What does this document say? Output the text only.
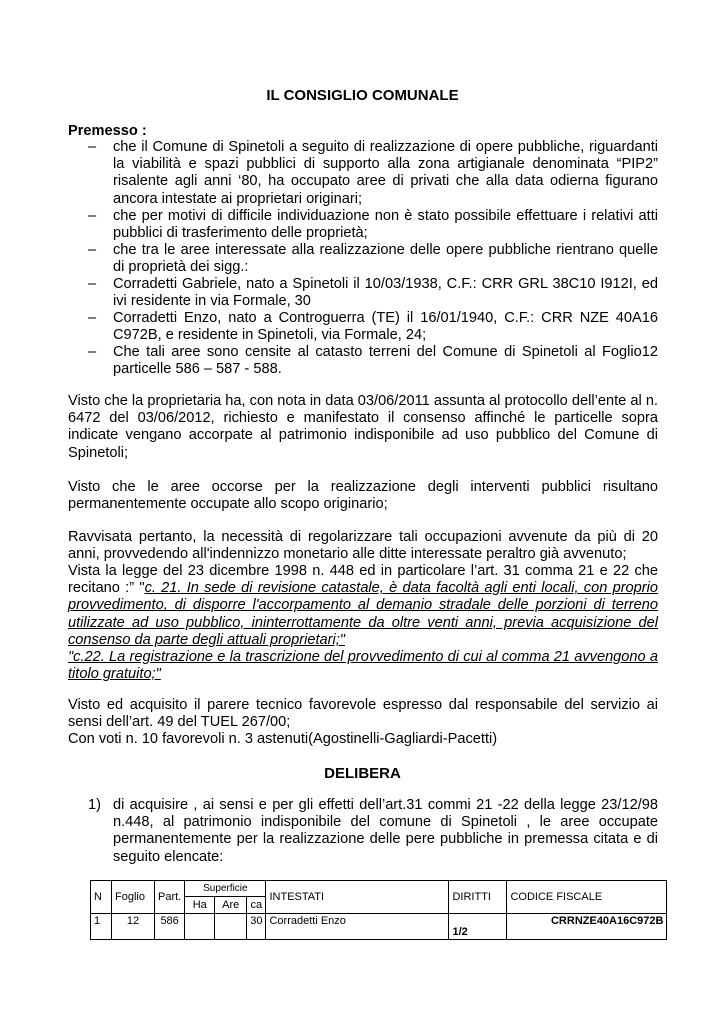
IL CONSIGLIO COMUNALE
Premesso :
–	che il Comune di Spinetoli a seguito di realizzazione di opere pubbliche, riguardanti la viabilità e spazi pubblici di supporto alla zona artigianale denominata “PIP2” risalente agli anni ‘80, ha occupato aree di privati che alla data odierna figurano ancora intestate ai proprietari originari;
–	che per motivi di difficile individuazione non è stato possibile effettuare i relativi atti pubblici di trasferimento delle proprietà;
–	che tra le aree interessate alla realizzazione delle opere pubbliche rientrano quelle di proprietà dei sigg.:
–	Corradetti Gabriele, nato a Spinetoli il 10/03/1938, C.F.: CRR GRL 38C10 I912I, ed ivi residente in via Formale, 30
–	Corradetti Enzo, nato a Controguerra (TE) il 16/01/1940, C.F.: CRR NZE 40A16 C972B, e residente in Spinetoli, via Formale, 24;
–	Che tali aree sono censite al catasto terreni del Comune di Spinetoli al Foglio12 particelle 586 – 587 - 588.
Visto che la proprietaria ha, con nota in data 03/06/2011 assunta al protocollo dell’ente al n. 6472 del 03/06/2012, richiesto e manifestato il consenso affinché le particelle sopra indicate vengano accorpate al patrimonio indisponibile ad uso pubblico del Comune di Spinetoli;
Visto che le aree occorse per la realizzazione degli interventi pubblici risultano permanentemente occupate allo scopo originario;
Ravvisata pertanto, la necessità di regolarizzare tali occupazioni avvenute da più di 20 anni, provvedendo all'indennizzo monetario alle ditte interessate peraltro già avvenuto;
Vista la legge del 23 dicembre 1998 n. 448 ed in particolare l’art. 31 comma 21 e 22 che recitano :” "c. 21. In sede di revisione catastale, è data facoltà agli enti locali, con proprio provvedimento, di disporre l'accorpamento al demanio stradale delle porzioni di terreno utilizzate ad uso pubblico, ininterrottamente da oltre venti anni, previa acquisizione del consenso da parte degli attuali proprietari;"
"c.22. La registrazione e la trascrizione del provvedimento di cui al comma 21 avvengono a titolo gratuito;"
Visto ed acquisito il parere tecnico favorevole espresso dal responsabile del servizio ai sensi dell’art. 49 del TUEL 267/00;
Con voti n. 10 favorevoli n. 3 astenuti(Agostinelli-Gagliardi-Pacetti)
DELIBERA
1) di acquisire , ai sensi e per gli effetti dell’art.31 commi 21 -22 della legge 23/12/98 n.448, al patrimonio indisponibile del comune di Spinetoli , le aree occupate permanentemente per la realizzazione delle pere pubbliche in premessa citata e di seguito elencate:
N	Foglio	Part.	Superficie			INTESTATI	DIRITTI	CODICE FISCALE
			Ha	Are	ca			
1	12	586			30	Corradetti Enzo	1/2	CRRNZE40A16C972B
